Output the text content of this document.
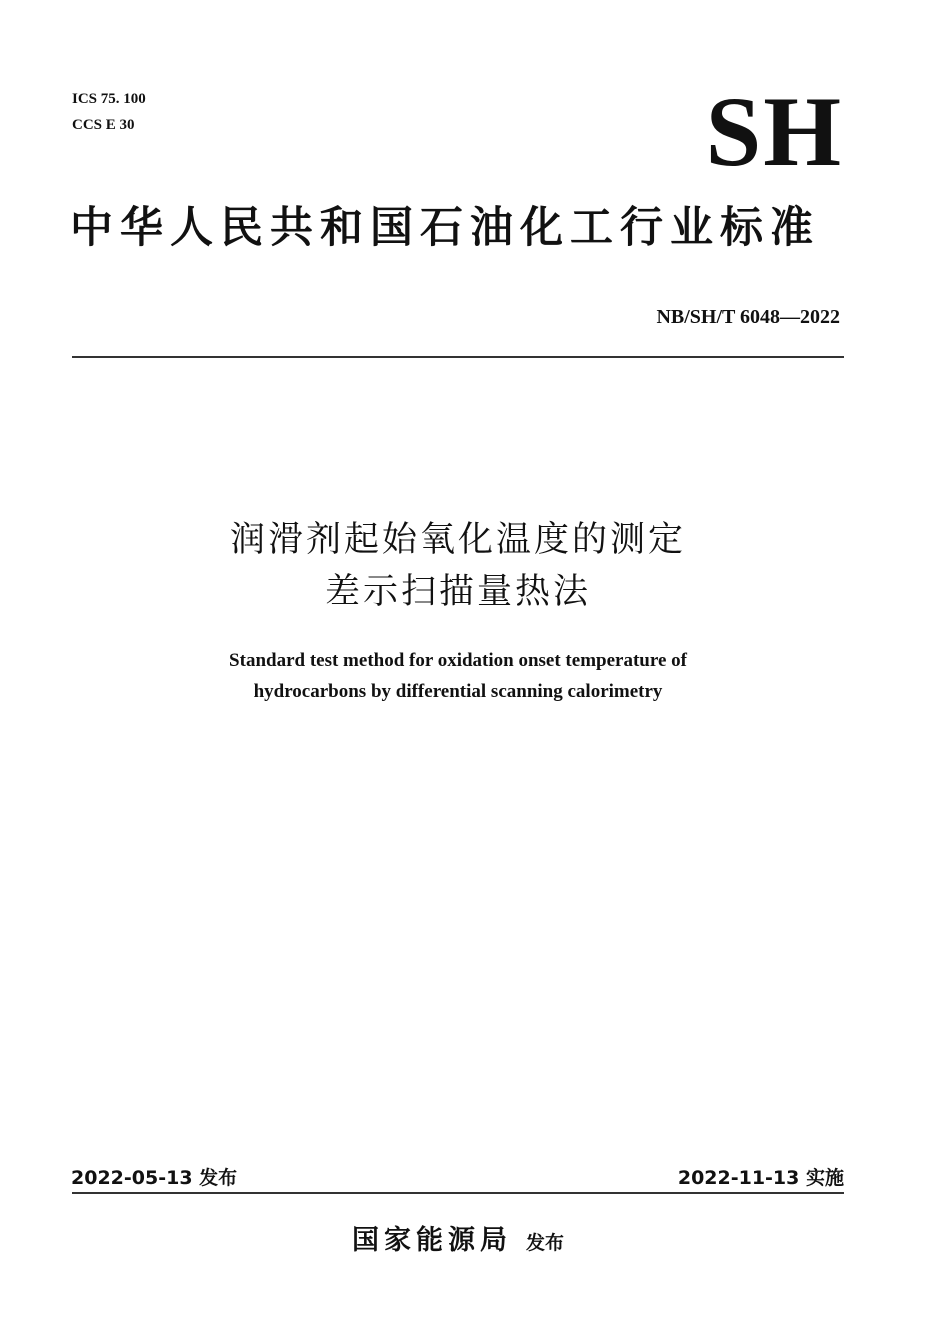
ICS 75. 100
CCS E 30	SH
中华人民共和国石油化工行业标准
NB/SH/T 6048—2022
润滑剂起始氧化温度的测定
差示扫描量热法
Standard test method for oxidation onset temperature of
hydrocarbons by differential scanning calorimetry
2022-05-13 发布	2022-11-13 实施
国家能源局 发布
